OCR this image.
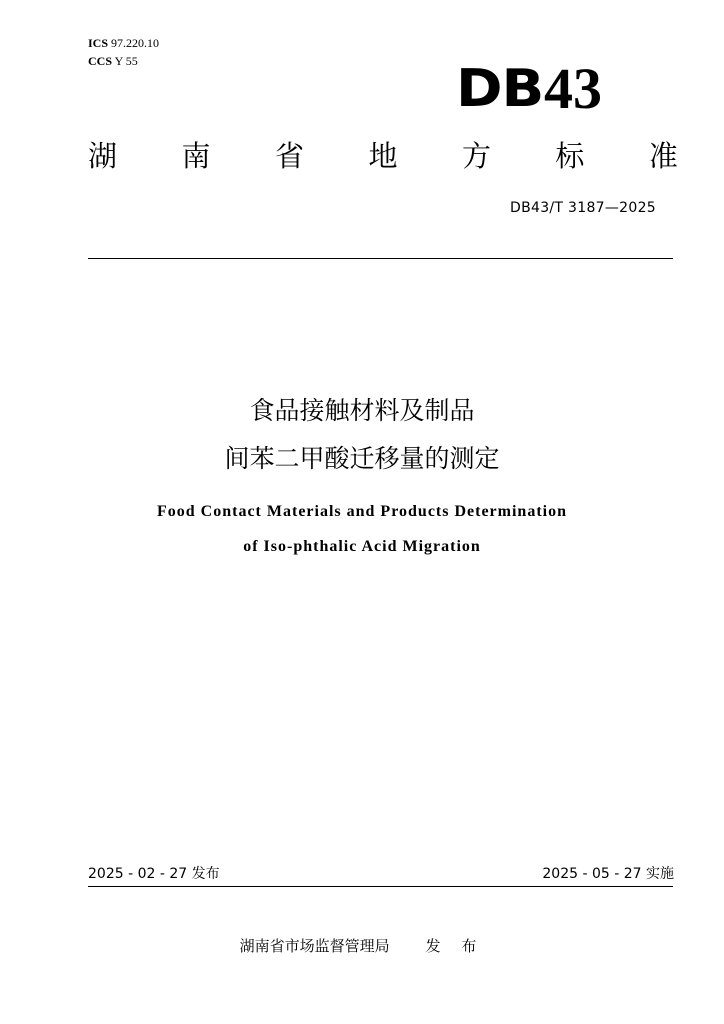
ICS 97.220.10
CCS Y 55	DB 43
湖 南 省 地 方 标 准
DB43/T 3187—2025
食品接触材料及制品
间苯二甲酸迁移量的测定
Food Contact Materials and Products Determination
of Iso-phthalic Acid Migration
2025 - 02 - 27 发布	2025 - 05 - 27 实施
湖南省市场监督管理局 发 布
